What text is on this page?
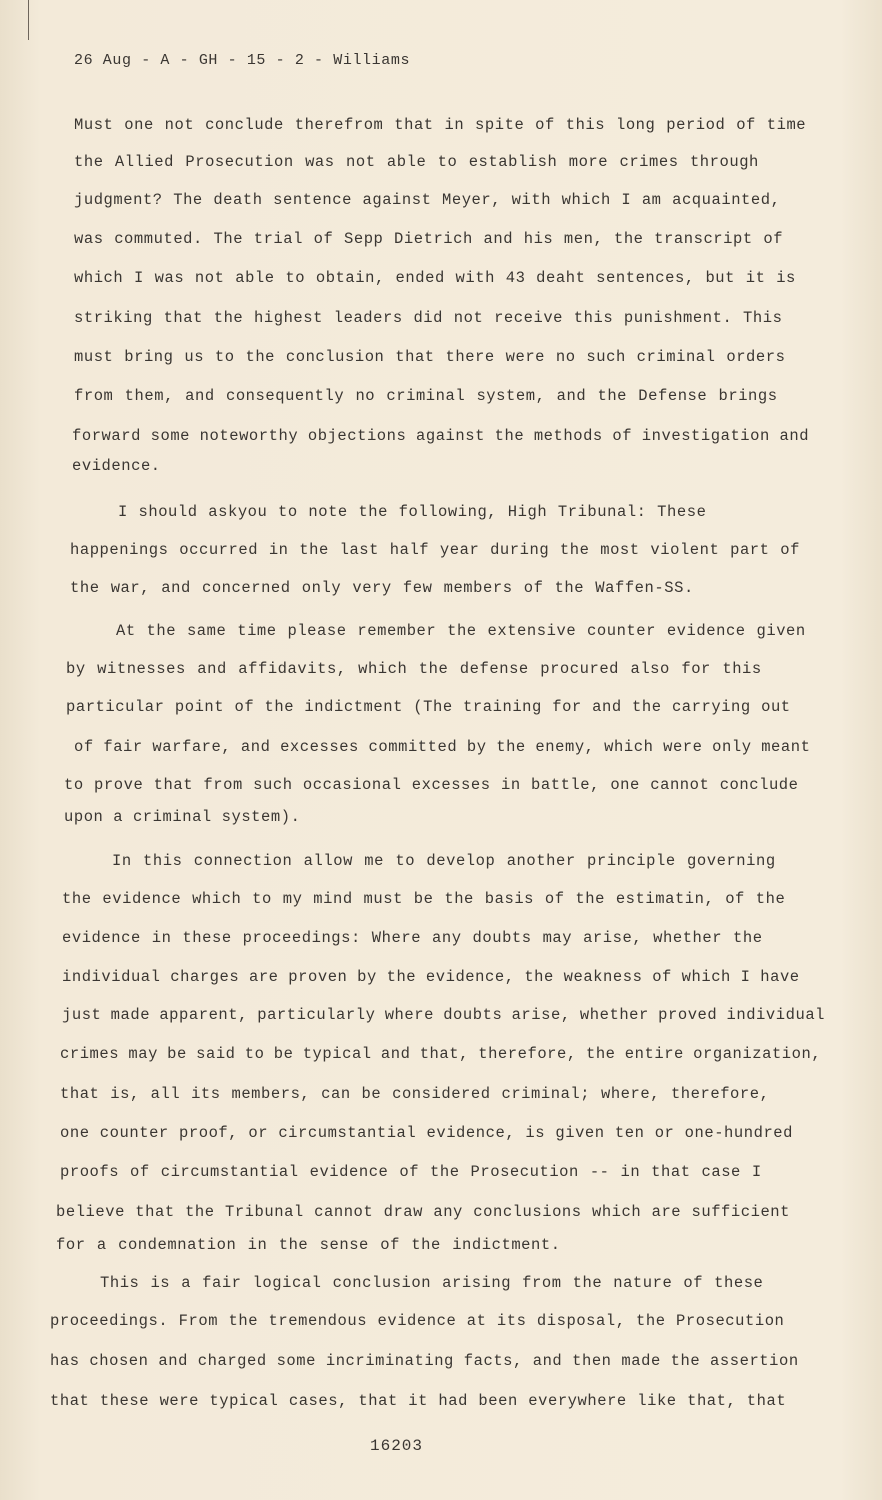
26 Aug - A - GH - 15 - 2 - Williams
Must one not conclude therefrom that in spite of this long period of time
the Allied Prosecution was not able to establish more crimes through
judgment? The death sentence against Meyer, with which I am acquainted,
was commuted. The trial of Sepp Dietrich and his men, the transcript of
which I was not able to obtain, ended with 43 deaht sentences, but it is
striking that the highest leaders did not receive this punishment. This
must bring us to the conclusion that there were no such criminal orders
from them, and consequently no criminal system, and the Defense brings
forward some noteworthy objections against the methods of investigation and
evidence.
I should askyou to note the following, High Tribunal: These
happenings occurred in the last half year during the most violent part of
the war, and concerned only very few members of the Waffen-SS.
At the same time please remember the extensive counter evidence given
by witnesses and affidavits, which the defense procured also for this
particular point of the indictment (The training for and the carrying out
of fair warfare, and excesses committed by the enemy, which were only meant
to prove that from such occasional excesses in battle, one cannot conclude
upon a criminal system).
In this connection allow me to develop another principle governing
the evidence which to my mind must be the basis of the estimatin, of the
evidence in these proceedings: Where any doubts may arise, whether the
individual charges are proven by the evidence, the weakness of which I have
just made apparent, particularly where doubts arise, whether proved individual
crimes may be said to be typical and that, therefore, the entire organization,
that is, all its members, can be considered criminal; where, therefore,
one counter proof, or circumstantial evidence, is given ten or one-hundred
proofs of circumstantial evidence of the Prosecution -- in that case I
believe that the Tribunal cannot draw any conclusions which are sufficient
for a condemnation in the sense of the indictment.
This is a fair logical conclusion arising from the nature of these
proceedings. From the tremendous evidence at its disposal, the Prosecution
has chosen and charged some incriminating facts, and then made the assertion
that these were typical cases, that it had been everywhere like that, that
16203
